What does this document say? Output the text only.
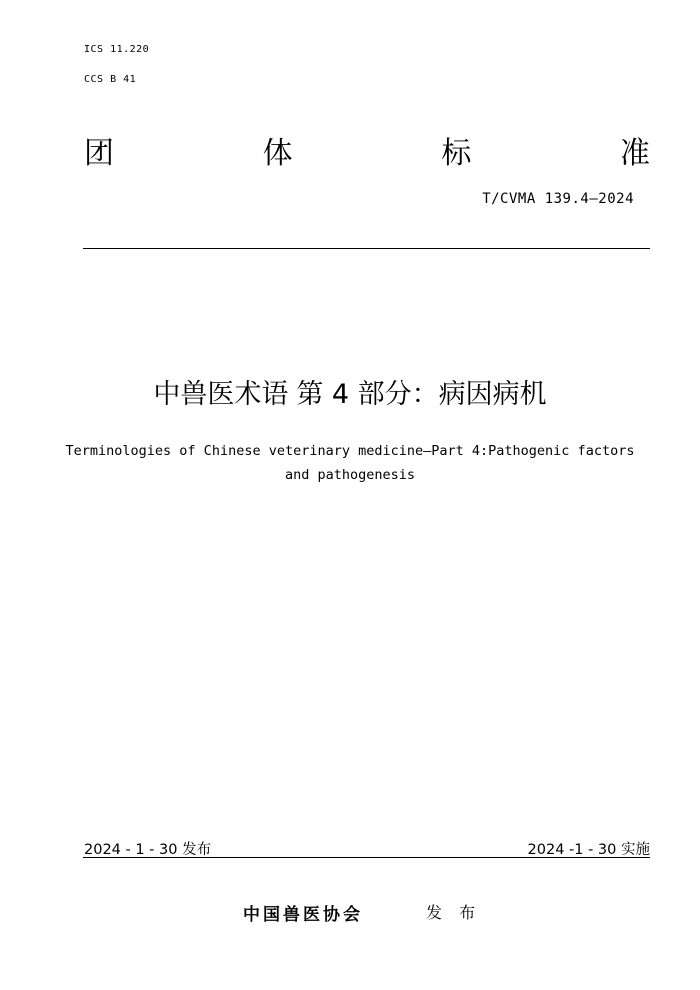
ICS 11.220
CCS B 41
团	体	标	准
T/CVMA 139.4—2024
中兽医术语 第 4 部分：病因病机
Terminologies of Chinese veterinary medicine—Part 4:Pathogenic factors
and pathogenesis
2024 - 1 - 30 发布	2024 -1 - 30 实施
中国兽医协会	发 布
